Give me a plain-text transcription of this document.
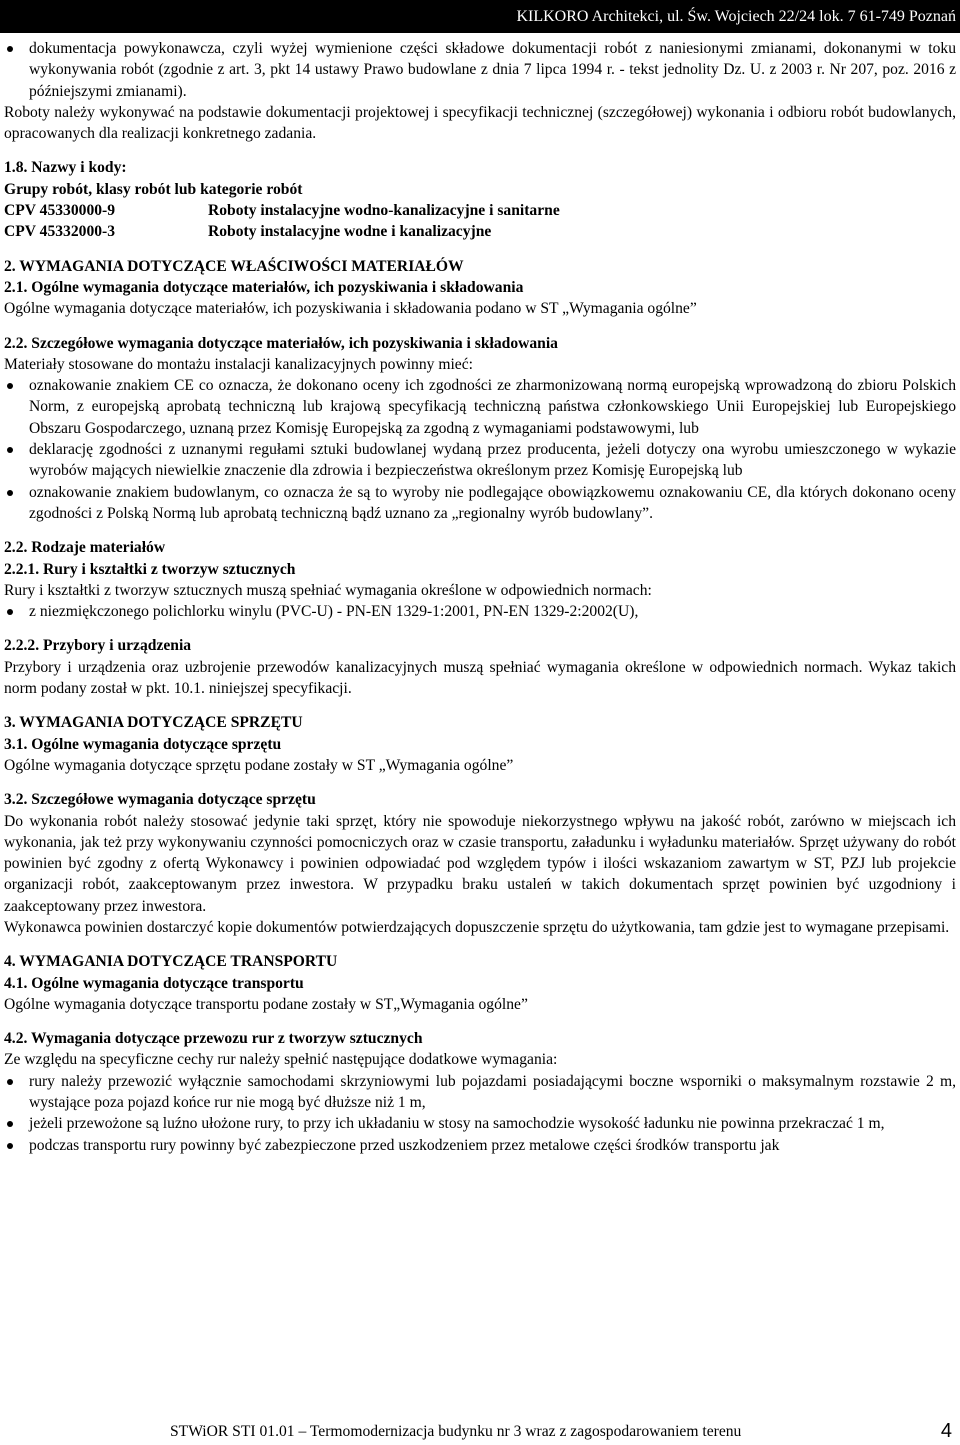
KILKORO Architekci, ul. Św. Wojciech 22/24 lok. 7 61-749 Poznań
dokumentacja powykonawcza, czyli wyżej wymienione części składowe dokumentacji robót z naniesionymi zmianami, dokonanymi w toku wykonywania robót (zgodnie z art. 3, pkt 14 ustawy Prawo budowlane z dnia 7 lipca 1994 r. - tekst jednolity Dz. U. z 2003 r. Nr 207, poz. 2016 z późniejszymi zmianami).

Roboty należy wykonywać na podstawie dokumentacji projektowej i specyfikacji technicznej (szczegółowej) wykonania i odbioru robót budowlanych, opracowanych dla realizacji konkretnego zadania.

1.8. Nazwy i kody:

Grupy robót, klasy robót lub kategorie robót

CPV 45330000-9	Roboty instalacyjne wodno-kanalizacyjne i sanitarne
CPV 45332000-3	Roboty instalacyjne wodne i kanalizacyjne

2. WYMAGANIA DOTYCZĄCE WŁAŚCIWOŚCI MATERIAŁÓW

2.1. Ogólne wymagania dotyczące materiałów, ich pozyskiwania i składowania

Ogólne wymagania dotyczące materiałów, ich pozyskiwania i składowania podano w ST „Wymagania ogólne”

2.2. Szczegółowe wymagania dotyczące materiałów, ich pozyskiwania i składowania

Materiały stosowane do montażu instalacji kanalizacyjnych powinny mieć:

oznakowanie znakiem CE co oznacza, że dokonano oceny ich zgodności ze zharmonizowaną normą europejską wprowadzoną do zbioru Polskich Norm, z europejską aprobatą techniczną lub krajową specyfikacją techniczną państwa członkowskiego Unii Europejskiej lub Europejskiego Obszaru Gospodarczego, uznaną przez Komisję Europejską za zgodną z wymaganiami podstawowymi, lub
deklarację zgodności z uznanymi regułami sztuki budowlanej wydaną przez producenta, jeżeli dotyczy ona wyrobu umieszczonego w wykazie wyrobów mających niewielkie znaczenie dla zdrowia i bezpieczeństwa określonym przez Komisję Europejską lub
oznakowanie znakiem budowlanym, co oznacza że są to wyroby nie podlegające obowiązkowemu oznakowaniu CE, dla których dokonano oceny zgodności z Polską Normą lub aprobatą techniczną bądź uznano za „regionalny wyrób budowlany”.

2.2. Rodzaje materiałów

2.2.1. Rury i kształtki z tworzyw sztucznych

Rury i kształtki z tworzyw sztucznych muszą spełniać wymagania określone w odpowiednich normach:

z niezmiękczonego polichlorku winylu (PVC-U) - PN-EN 1329-1:2001, PN-EN 1329-2:2002(U),

2.2.2. Przybory i urządzenia

Przybory i urządzenia oraz uzbrojenie przewodów kanalizacyjnych muszą spełniać wymagania określone w odpowiednich normach. Wykaz takich norm podany został w pkt. 10.1. niniejszej specyfikacji.

3. WYMAGANIA DOTYCZĄCE SPRZĘTU

3.1. Ogólne wymagania dotyczące sprzętu

Ogólne wymagania dotyczące sprzętu podane zostały w ST „Wymagania ogólne”

3.2. Szczegółowe wymagania dotyczące sprzętu

Do wykonania robót należy stosować jedynie taki sprzęt, który nie spowoduje niekorzystnego wpływu na jakość robót, zarówno w miejscach ich wykonania, jak też przy wykonywaniu czynności pomocniczych oraz w czasie transportu, załadunku i wyładunku materiałów. Sprzęt używany do robót powinien być zgodny z ofertą Wykonawcy i powinien odpowiadać pod względem typów i ilości wskazaniom zawartym w ST, PZJ lub projekcie organizacji robót, zaakceptowanym przez inwestora. W przypadku braku ustaleń w takich dokumentach sprzęt powinien być uzgodniony i zaakceptowany przez inwestora.

Wykonawca powinien dostarczyć kopie dokumentów potwierdzających dopuszczenie sprzętu do użytkowania, tam gdzie jest to wymagane przepisami.

4. WYMAGANIA DOTYCZĄCE TRANSPORTU

4.1. Ogólne wymagania dotyczące transportu

Ogólne wymagania dotyczące transportu podane zostały w ST„Wymagania ogólne”

4.2. Wymagania dotyczące przewozu rur z tworzyw sztucznych

Ze względu na specyficzne cechy rur należy spełnić następujące dodatkowe wymagania:

rury należy przewozić wyłącznie samochodami skrzyniowymi lub pojazdami posiadającymi boczne wsporniki o maksymalnym rozstawie 2 m, wystające poza pojazd końce rur nie mogą być dłuższe niż 1 m,
jeżeli przewożone są luźno ułożone rury, to przy ich układaniu w stosy na samochodzie wysokość ładunku nie powinna przekraczać 1 m,
podczas transportu rury powinny być zabezpieczone przed uszkodzeniem przez metalowe części środków transportu jak
STWiOR STI 01.01 – Termomodernizacja budynku nr 3 wraz z zagospodarowaniem terenu	4
